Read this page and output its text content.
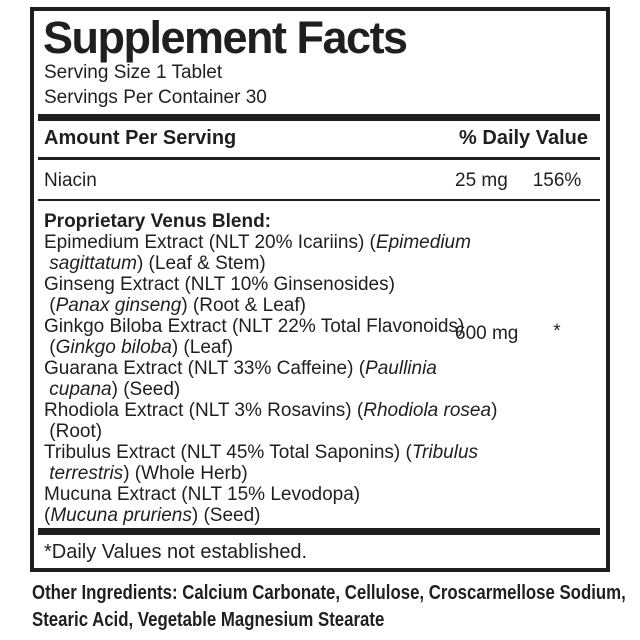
Supplement Facts
Serving Size 1 Tablet
Servings Per Container 30
Amount Per Serving	% Daily Value
Niacin	25 mg	156%
Proprietary Venus Blend:
Epimedium Extract (NLT 20% Icariins) (Epimedium
sagittatum) (Leaf & Stem)
Ginseng Extract (NLT 10% Ginsenosides)
(Panax ginseng) (Root & Leaf)
Ginkgo Biloba Extract (NLT 22% Total Flavonoids)
(Ginkgo biloba) (Leaf)
Guarana Extract (NLT 33% Caffeine) (Paullinia
cupana) (Seed)
Rhodiola Extract (NLT 3% Rosavins) (Rhodiola rosea)
(Root)
Tribulus Extract (NLT 45% Total Saponins) (Tribulus
terrestris) (Whole Herb)
Mucuna Extract (NLT 15% Levodopa)
(Mucuna pruriens) (Seed)
600 mg	*
*Daily Values not established.
Other Ingredients: Calcium Carbonate, Cellulose, Croscarmellose Sodium,
Stearic Acid, Vegetable Magnesium Stearate
